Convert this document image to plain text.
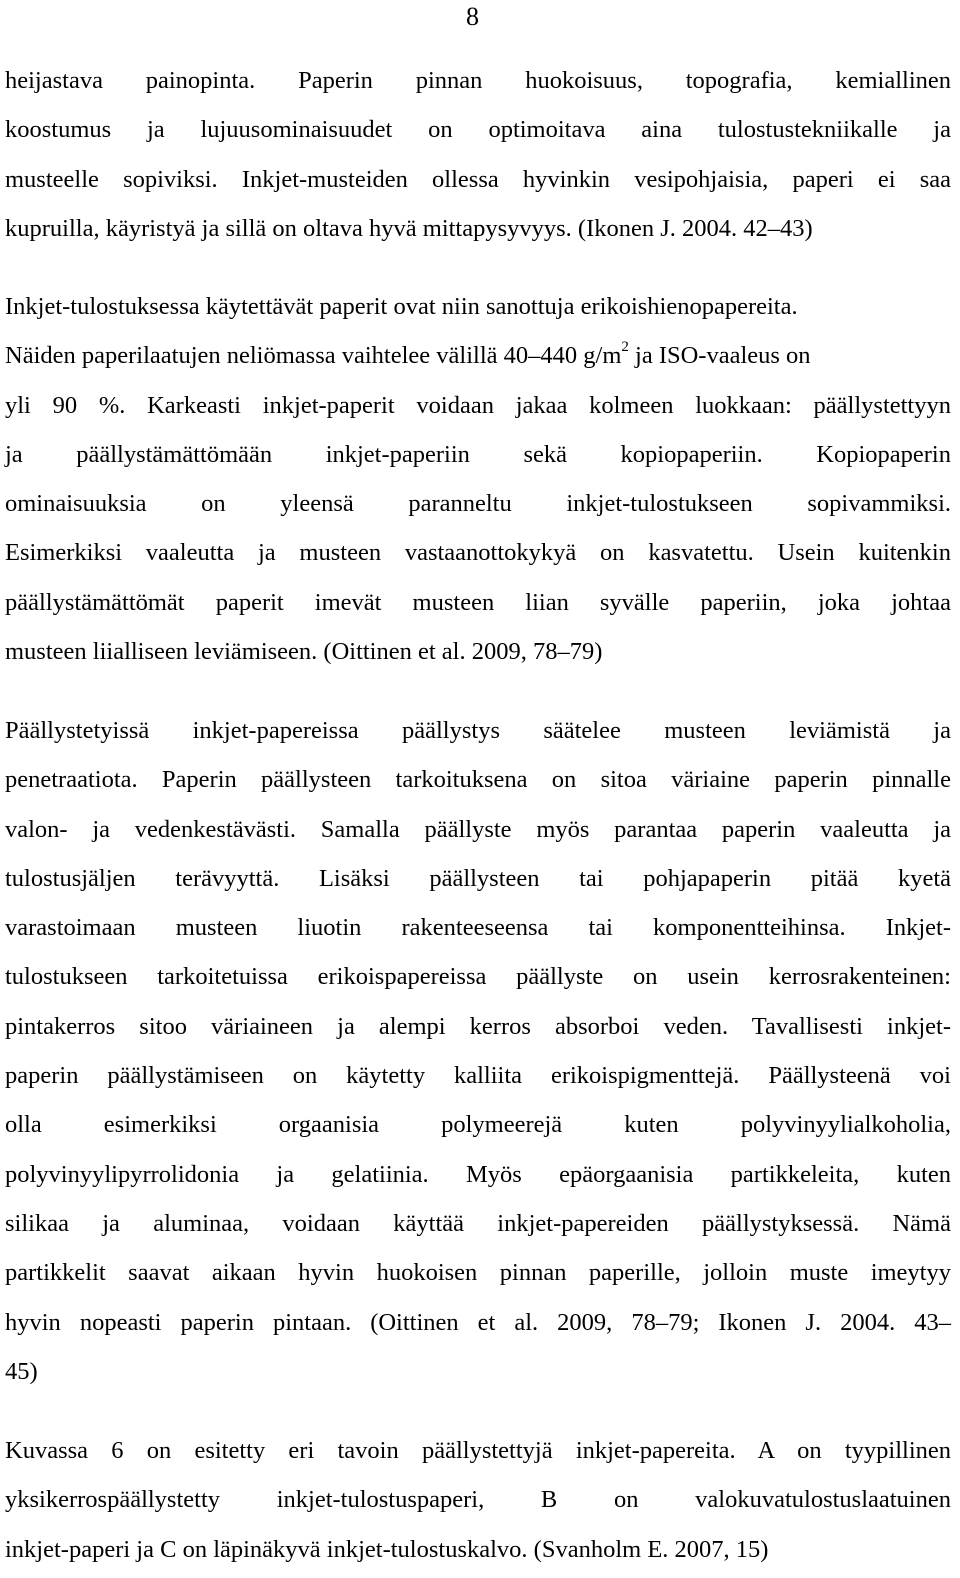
8
heijastava painopinta. Paperin pinnan huokoisuus, topografia, kemiallinen
koostumus ja lujuusominaisuudet on optimoitava aina tulostustekniikalle ja
musteelle sopiviksi. Inkjet-musteiden ollessa hyvinkin vesipohjaisia, paperi ei saa
kupruilla, käyristyä ja sillä on oltava hyvä mittapysyvyys. (Ikonen J. 2004. 42–43)
Inkjet-tulostuksessa käytettävät paperit ovat niin sanottuja erikoishienopapereita.
Näiden paperilaatujen neliömassa vaihtelee välillä 40–440 $g/m^2$ ja ISO-vaaleus on
yli 90 %. Karkeasti inkjet-paperit voidaan jakaa kolmeen luokkaan: päällystettyyn
ja päällystämättömään inkjet-paperiin sekä kopiopaperiin. Kopiopaperin
ominaisuuksia on yleensä paranneltu inkjet-tulostukseen sopivammiksi.
Esimerkiksi vaaleutta ja musteen vastaanottokykyä on kasvatettu. Usein kuitenkin
päällystämättömät paperit imevät musteen liian syvälle paperiin, joka johtaa
musteen liialliseen leviämiseen. (Oittinen et al. 2009, 78–79)
Päällystetyissä inkjet-papereissa päällystys säätelee musteen leviämistä ja
penetraatiota. Paperin päällysteen tarkoituksena on sitoa väriaine paperin pinnalle
valon- ja vedenkestävästi. Samalla päällyste myös parantaa paperin vaaleutta ja
tulostusjäljen terävyyttä. Lisäksi päällysteen tai pohjapaperin pitää kyetä
varastoimaan musteen liuotin rakenteeseensa tai komponentteihinsa. Inkjet-
tulostukseen tarkoitetuissa erikoispapereissa päällyste on usein kerrosrakenteinen:
pintakerros sitoo väriaineen ja alempi kerros absorboi veden. Tavallisesti inkjet-
paperin päällystämiseen on käytetty kalliita erikoispigmenttejä. Päällysteenä voi
olla esimerkiksi orgaanisia polymeerejä kuten polyvinyylialkoholia,
polyvinyylipyrrolidonia ja gelatiinia. Myös epäorgaanisia partikkeleita, kuten
silikaa ja aluminaa, voidaan käyttää inkjet-papereiden päällystyksessä. Nämä
partikkelit saavat aikaan hyvin huokoisen pinnan paperille, jolloin muste imeytyy
hyvin nopeasti paperin pintaan. (Oittinen et al. 2009, 78–79; Ikonen J. 2004. 43–
45)
Kuvassa 6 on esitetty eri tavoin päällystettyjä inkjet-papereita. A on tyypillinen
yksikerrospäällystetty inkjet-tulostuspaperi, B on valokuvatulostuslaatuinen
inkjet-paperi ja C on läpinäkyvä inkjet-tulostuskalvo. (Svanholm E. 2007, 15)
